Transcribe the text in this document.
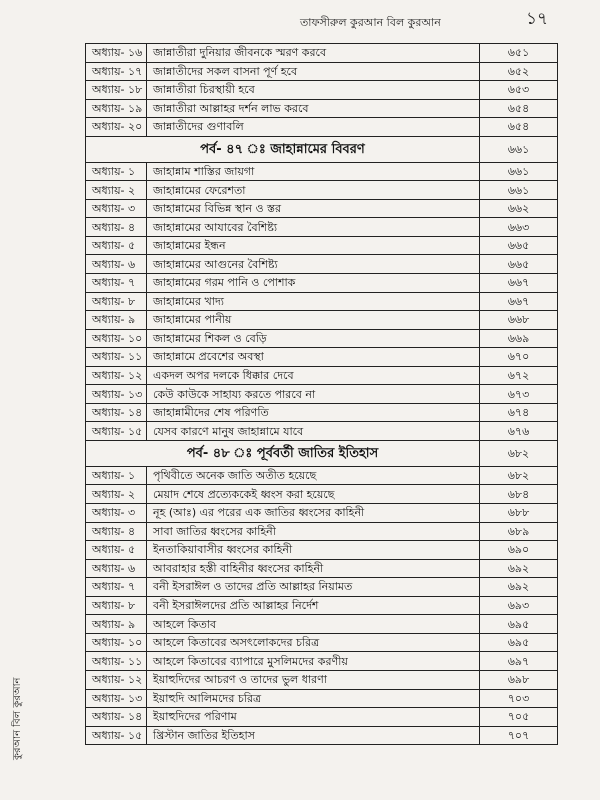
তাফসীরুল কুরআন বিল কুরআন	১৭
কুরআন বিল কুরআন
অধ্যায়- ১৬	জান্নাতীরা দুনিয়ার জীবনকে স্মরণ করবে	৬৫১
অধ্যায়- ১৭	জান্নাতীদের সকল বাসনা পূর্ণ হবে	৬৫২
অধ্যায়- ১৮	জান্নাতীরা চিরস্থায়ী হবে	৬৫৩
অধ্যায়- ১৯	জান্নাতীরা আল্লাহর দর্শন লাভ করবে	৬৫৪
অধ্যায়- ২০	জান্নাতীদের গুণাবলি	৬৫৪
পর্ব- ৪৭ ঃ জাহান্নামের বিবরণ		৬৬১
অধ্যায়- ১	জাহান্নাম শাস্তির জায়গা	৬৬১
অধ্যায়- ২	জাহান্নামের ফেরেশতা	৬৬১
অধ্যায়- ৩	জাহান্নামের বিভিন্ন স্থান ও স্তর	৬৬২
অধ্যায়- ৪	জাহান্নামের আযাবের বৈশিষ্ট্য	৬৬৩
অধ্যায়- ৫	জাহান্নামের ইন্ধন	৬৬৫
অধ্যায়- ৬	জাহান্নামের আগুনের বৈশিষ্ট্য	৬৬৫
অধ্যায়- ৭	জাহান্নামের গরম পানি ও পোশাক	৬৬৭
অধ্যায়- ৮	জাহান্নামের খাদ্য	৬৬৭
অধ্যায়- ৯	জাহান্নামের পানীয়	৬৬৮
অধ্যায়- ১০	জাহান্নামের শিকল ও বেড়ি	৬৬৯
অধ্যায়- ১১	জাহান্নামে প্রবেশের অবস্থা	৬৭০
অধ্যায়- ১২	একদল অপর দলকে ধিক্কার দেবে	৬৭২
অধ্যায়- ১৩	কেউ কাউকে সাহায্য করতে পারবে না	৬৭৩
অধ্যায়- ১৪	জাহান্নামীদের শেষ পরিণতি	৬৭৪
অধ্যায়- ১৫	যেসব কারণে মানুষ জাহান্নামে যাবে	৬৭৬
পর্ব- ৪৮ ঃ পূর্ববর্তী জাতির ইতিহাস		৬৮২
অধ্যায়- ১	পৃথিবীতে অনেক জাতি অতীত হয়েছে	৬৮২
অধ্যায়- ২	মেয়াদ শেষে প্রত্যেককেই ধ্বংস করা হয়েছে	৬৮৪
অধ্যায়- ৩	নূহ (আঃ) এর পরের এক জাতির ধ্বংসের কাহিনী	৬৮৮
অধ্যায়- ৪	সাবা জাতির ধ্বংসের কাহিনী	৬৮৯
অধ্যায়- ৫	ইনতাকিয়াবাসীর ধ্বংসের কাহিনী	৬৯০
অধ্যায়- ৬	আবরাহার হস্তী বাহিনীর ধ্বংসের কাহিনী	৬৯২
অধ্যায়- ৭	বনী ইসরাঈল ও তাদের প্রতি আল্লাহর নিয়ামত	৬৯২
অধ্যায়- ৮	বনী ইসরাঈলদের প্রতি আল্লাহর নির্দেশ	৬৯৩
অধ্যায়- ৯	আহলে কিতাব	৬৯৫
অধ্যায়- ১০	আহলে কিতাবের অসৎলোকদের চরিত্র	৬৯৫
অধ্যায়- ১১	আহলে কিতাবের ব্যাপারে মুসলিমদের করণীয়	৬৯৭
অধ্যায়- ১২	ইয়াহুদিদের আচরণ ও তাদের ভুল ধারণা	৬৯৮
অধ্যায়- ১৩	ইয়াহুদি আলিমদের চরিত্র	৭০৩
অধ্যায়- ১৪	ইয়াহুদিদের পরিণাম	৭০৫
অধ্যায়- ১৫	খ্রিস্টান জাতির ইতিহাস	৭০৭
